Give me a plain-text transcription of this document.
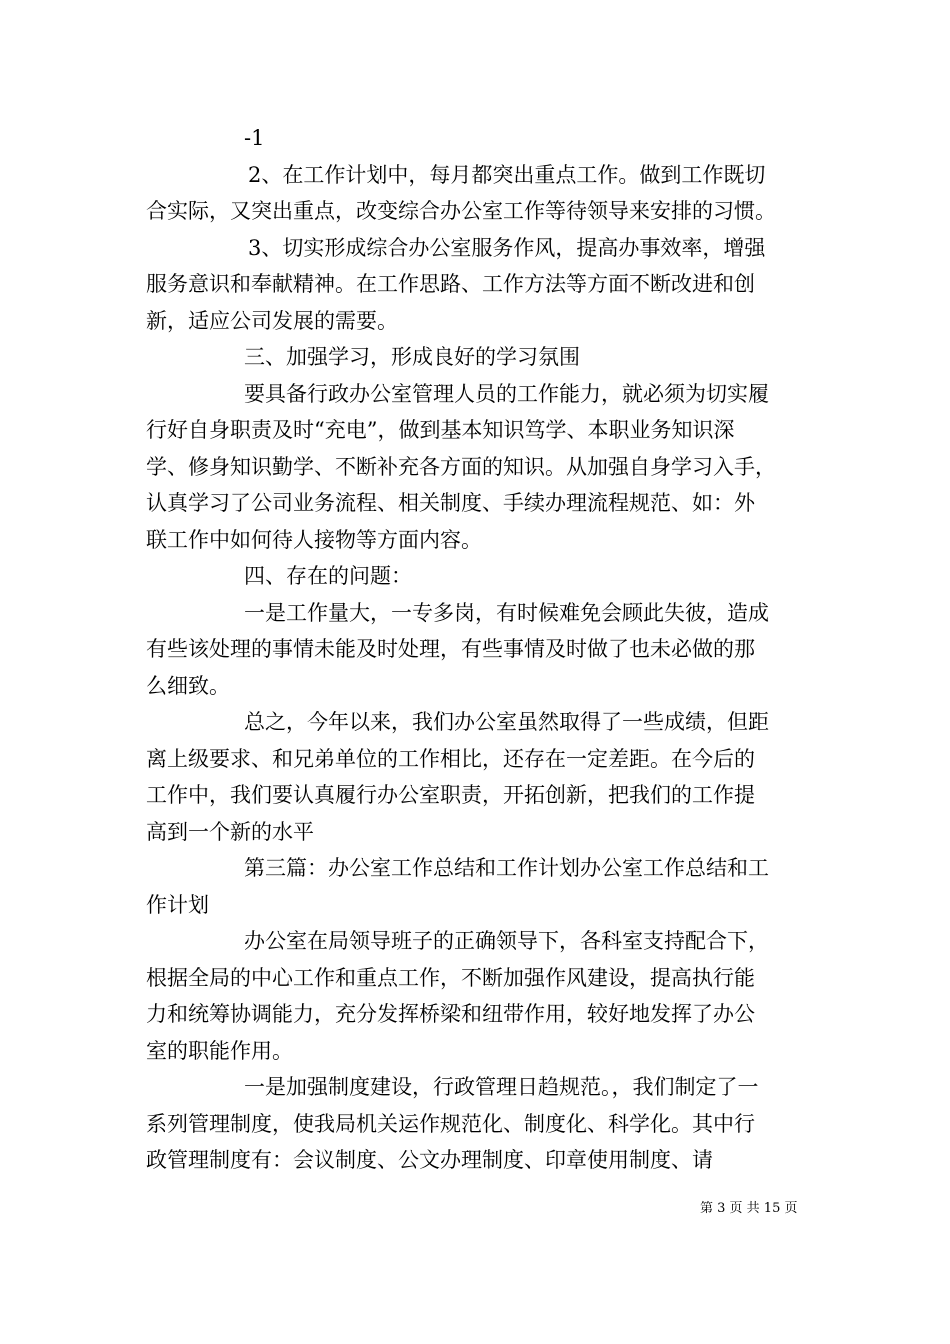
-1
2、在工作计划中，每月都突出重点工作。做到工作既切
合实际，又突出重点，改变综合办公室工作等待领导来安排的习惯。
3、切实形成综合办公室服务作风，提高办事效率，增强
服务意识和奉献精神。在工作思路、工作方法等方面不断改进和创
新，适应公司发展的需要。
三、加强学习，形成良好的学习氛围
要具备行政办公室管理人员的工作能力，就必须为切实履
行好自身职责及时“充电”，做到基本知识笃学、本职业务知识深
学、修身知识勤学、不断补充各方面的知识。从加强自身学习入手，
认真学习了公司业务流程、相关制度、手续办理流程规范、如：外
联工作中如何待人接物等方面内容。
四、存在的问题：
一是工作量大，一专多岗，有时候难免会顾此失彼，造成
有些该处理的事情未能及时处理，有些事情及时做了也未必做的那
么细致。
总之，今年以来，我们办公室虽然取得了一些成绩，但距
离上级要求、和兄弟单位的工作相比，还存在一定差距。在今后的
工作中，我们要认真履行办公室职责，开拓创新，把我们的工作提
高到一个新的水平
第三篇：办公室工作总结和工作计划办公室工作总结和工
作计划
办公室在局领导班子的正确领导下，各科室支持配合下，
根据全局的中心工作和重点工作，不断加强作风建设，提高执行能
力和统筹协调能力，充分发挥桥梁和纽带作用，较好地发挥了办公
室的职能作用。
一是加强制度建设，行政管理日趋规范。，我们制定了一
系列管理制度，使我局机关运作规范化、制度化、科学化。其中行
政管理制度有：会议制度、公文办理制度、印章使用制度、请
第 3 页 共 15 页
